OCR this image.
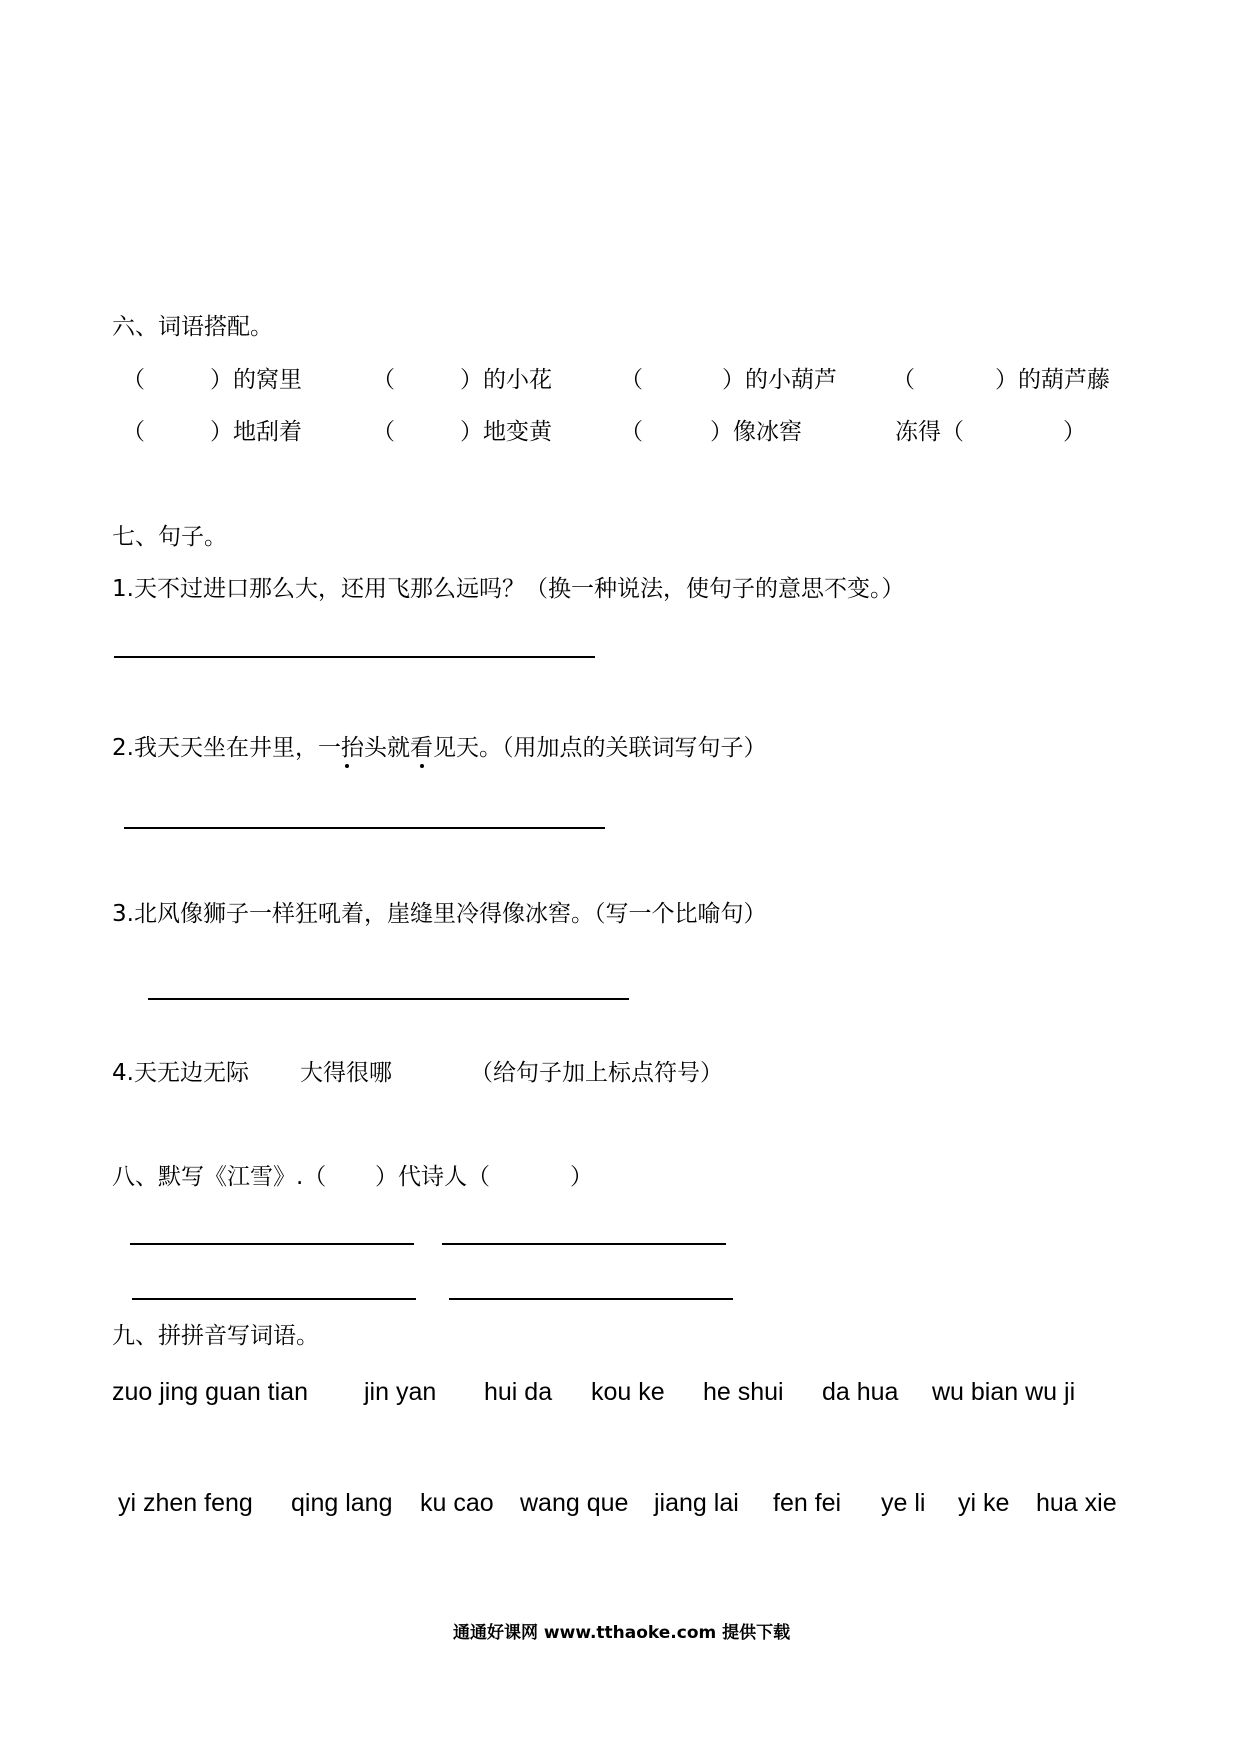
六、词语搭配。
（	）的窝里	（	）的小花	（	）的小葫芦 （	）的葫芦藤
（	）地刮着	（	）地变黄	（	）像冰窖	冻得（	）
七、句子。
1.天不过进口那么大，还用飞那么远吗？（换一种说法，使句子的意思不变。）
2.我天天坐在井里，一抬头就看见天。（用加点的关联词写句子）
3.北风像狮子一样狂吼着，崖缝里冷得像冰窖。（写一个比喻句）
4.天无边无际 大得很哪	（给句子加上标点符号）
八、默写《江雪》.（ ）代诗人（	）
九、拼拼音写词语。
zuo jing guan tian jin yan hui da kou ke he shui da hua wu bian wu ji
yi zhen feng qing lang ku cao wang que jiang lai fen fei ye li yi ke hua xie
通通好课网 www.tthaoke.com 提供下载
